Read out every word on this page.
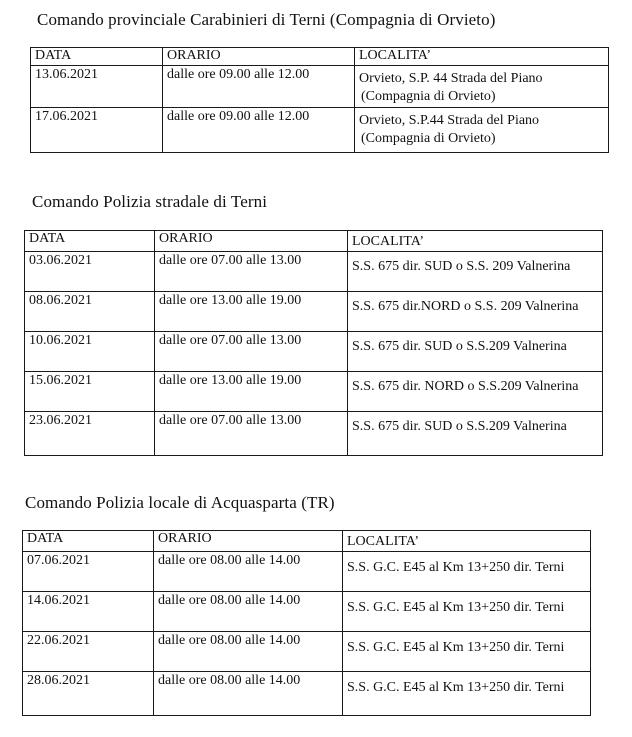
Comando provinciale Carabinieri di Terni (Compagnia di Orvieto)
DATA	ORARIO	LOCALITA’
13.06.2021	dalle ore 09.00 alle 12.00	Orvieto, S.P. 44 Strada del Piano
(Compagnia di Orvieto)

17.06.2021	dalle ore 09.00 alle 12.00	Orvieto, S.P.44 Strada del Piano
(Compagnia di Orvieto)
Comando Polizia stradale di Terni
DATA	ORARIO	LOCALITA’
03.06.2021	dalle ore 07.00 alle 13.00	S.S. 675 dir. SUD o S.S. 209 Valnerina
08.06.2021	dalle ore 13.00 alle 19.00	S.S. 675 dir.NORD o S.S. 209 Valnerina
10.06.2021	dalle ore 07.00 alle 13.00	S.S. 675 dir. SUD o S.S.209 Valnerina
15.06.2021	dalle ore 13.00 alle 19.00	S.S. 675 dir. NORD o S.S.209 Valnerina
23.06.2021	dalle ore 07.00 alle 13.00	S.S. 675 dir. SUD o S.S.209 Valnerina
Comando Polizia locale di Acquasparta (TR)
DATA	ORARIO	LOCALITA’
07.06.2021	dalle ore 08.00 alle 14.00	S.S. G.C. E45 al Km 13+250 dir. Terni
14.06.2021	dalle ore 08.00 alle 14.00	S.S. G.C. E45 al Km 13+250 dir. Terni
22.06.2021	dalle ore 08.00 alle 14.00	S.S. G.C. E45 al Km 13+250 dir. Terni
28.06.2021	dalle ore 08.00 alle 14.00	S.S. G.C. E45 al Km 13+250 dir. Terni
